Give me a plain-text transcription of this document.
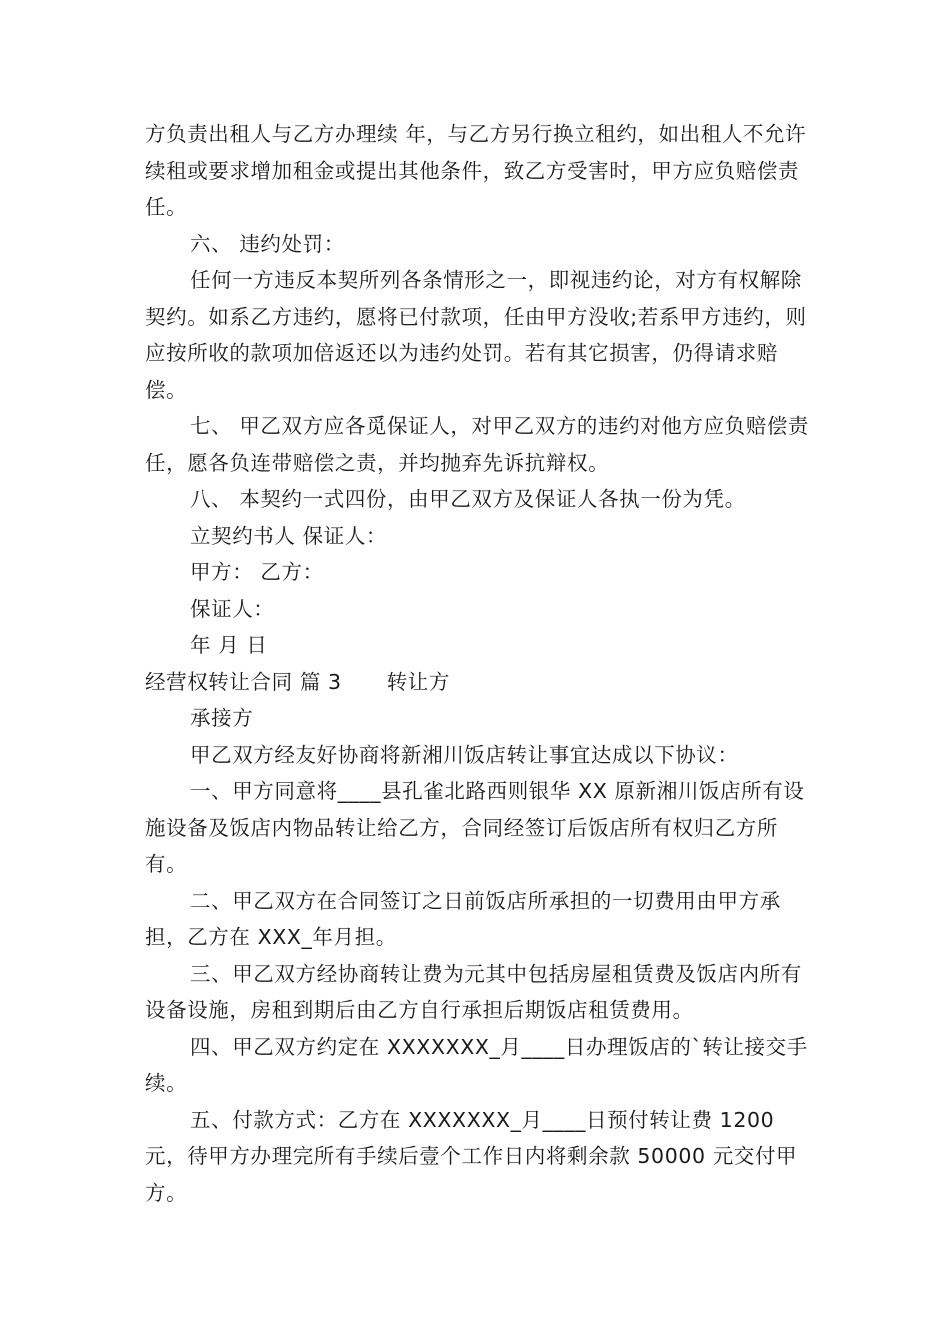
方负责出租人与乙方办理续 年，与乙方另行换立租约，如出租人不允许续租或要求增加租金或提出其他条件，致乙方受害时，甲方应负赔偿责任。

六、 违约处罚：

任何一方违反本契所列各条情形之一，即视违约论，对方有权解除契约。如系乙方违约，愿将已付款项，任由甲方没收;若系甲方违约，则应按所收的款项加倍返还以为违约处罚。若有其它损害，仍得请求赔偿。

七、 甲乙双方应各觅保证人，对甲乙双方的违约对他方应负赔偿责任，愿各负连带赔偿之责，并均抛弃先诉抗辩权。

八、 本契约一式四份，由甲乙双方及保证人各执一份为凭。

立契约书人 保证人：

甲方： 乙方：

保证人：

年 月 日

经营权转让合同 篇 3 转让方

承接方

甲乙双方经友好协商将新湘川饭店转让事宜达成以下协议：

一、甲方同意将____县孔雀北路西则银华 XX 原新湘川饭店所有设施设备及饭店内物品转让给乙方，合同经签订后饭店所有权归乙方所有。

二、甲乙双方在合同签订之日前饭店所承担的一切费用由甲方承担，乙方在 XXX_年月担。

三、甲乙双方经协商转让费为元其中包括房屋租赁费及饭店内所有设备设施，房租到期后由乙方自行承担后期饭店租赁费用。

四、甲乙双方约定在 XXXXXXX_月____日办理饭店的`转让接交手续。

五、付款方式：乙方在 XXXXXXX_月____日预付转让费 1200 元，待甲方办理完所有手续后壹个工作日内将剩余款 50000 元交付甲方。
